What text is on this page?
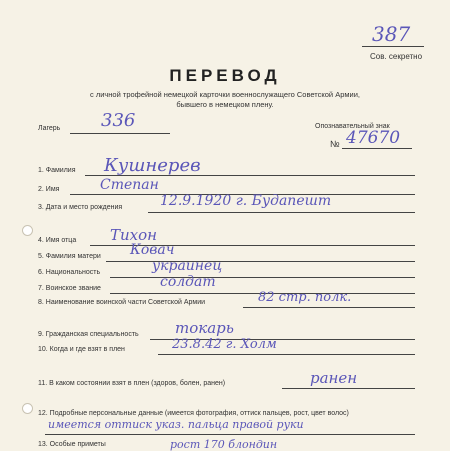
387
Сов. секретно
ПЕРЕВОД
с личной трофейной немецкой карточки военнослужащего Советской Армии,
бывшего в немецком плену.
Лагерь 336	Опознавательный знак
№ 47670
1. Фамилия Кушнерев
2. Имя	Степан
3. Дата и место рождения	12.9.1920 г. Будапешт
4. Имя отца Тихон
5. Фамилия матери Ковач
6. Национальность	украинец
7. Воинское звание	солдат
8. Наименование воинской части Советской Армии	82 стр. полк.
9. Гражданская специальность токарь
10. Когда и где взят в плен	23.8.42 г. Холм
11. В каком состоянии взят в плен (здоров, болен, ранен)	ранен
12. Подробные персональные данные (имеется фотография, оттиск пальцев, рост, цвет волос)
имеется оттиск указ. пальца правой руки
13. Особые приметы	рост 170 блондин
